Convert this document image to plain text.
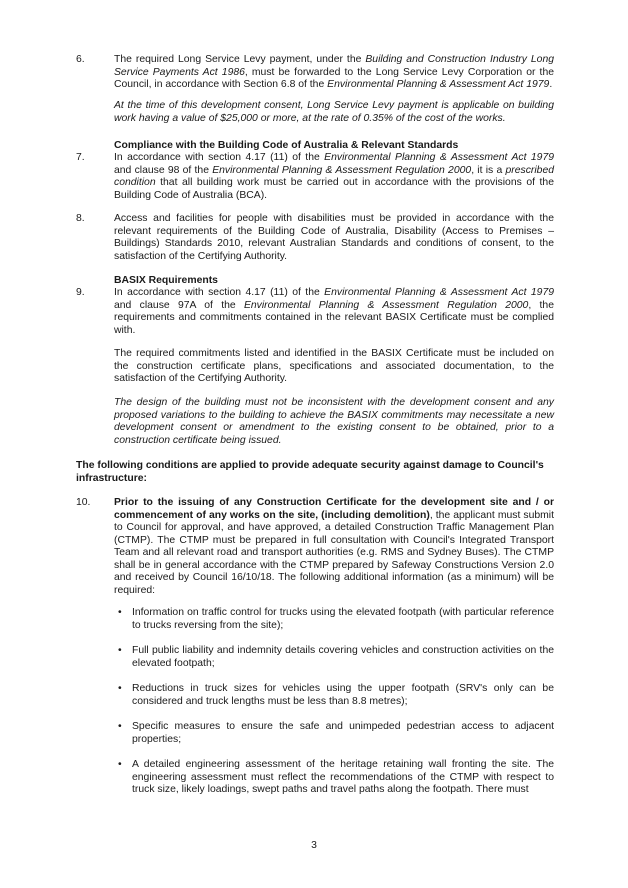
6.	The required Long Service Levy payment, under the Building and Construction Industry Long Service Payments Act 1986, must be forwarded to the Long Service Levy Corporation or the Council, in accordance with Section 6.8 of the Environmental Planning & Assessment Act 1979.
At the time of this development consent, Long Service Levy payment is applicable on building work having a value of $25,000 or more, at the rate of 0.35% of the cost of the works.
Compliance with the Building Code of Australia & Relevant Standards
7.	In accordance with section 4.17 (11) of the Environmental Planning & Assessment Act 1979 and clause 98 of the Environmental Planning & Assessment Regulation 2000, it is a prescribed condition that all building work must be carried out in accordance with the provisions of the Building Code of Australia (BCA).
8.	Access and facilities for people with disabilities must be provided in accordance with the relevant requirements of the Building Code of Australia, Disability (Access to Premises – Buildings) Standards 2010, relevant Australian Standards and conditions of consent, to the satisfaction of the Certifying Authority.
BASIX Requirements
9.	In accordance with section 4.17 (11) of the Environmental Planning & Assessment Act 1979 and clause 97A of the Environmental Planning & Assessment Regulation 2000, the requirements and commitments contained in the relevant BASIX Certificate must be complied with.
The required commitments listed and identified in the BASIX Certificate must be included on the construction certificate plans, specifications and associated documentation, to the satisfaction of the Certifying Authority.
The design of the building must not be inconsistent with the development consent and any proposed variations to the building to achieve the BASIX commitments may necessitate a new development consent or amendment to the existing consent to be obtained, prior to a construction certificate being issued.
The following conditions are applied to provide adequate security against damage to Council's infrastructure:
10. Prior to the issuing of any Construction Certificate for the development site and / or commencement of any works on the site, (including demolition), the applicant must submit to Council for approval, and have approved, a detailed Construction Traffic Management Plan (CTMP). The CTMP must be prepared in full consultation with Council's Integrated Transport Team and all relevant road and transport authorities (e.g. RMS and Sydney Buses). The CTMP shall be in general accordance with the CTMP prepared by Safeway Constructions Version 2.0 and received by Council 16/10/18. The following additional information (as a minimum) will be required:
• Information on traffic control for trucks using the elevated footpath (with particular reference to trucks reversing from the site);
• Full public liability and indemnity details covering vehicles and construction activities on the elevated footpath;
• Reductions in truck sizes for vehicles using the upper footpath (SRV's only can be considered and truck lengths must be less than 8.8 metres);
• Specific measures to ensure the safe and unimpeded pedestrian access to adjacent properties;
• A detailed engineering assessment of the heritage retaining wall fronting the site. The engineering assessment must reflect the recommendations of the CTMP with respect to truck size, likely loadings, swept paths and travel paths along the footpath. There must
3
